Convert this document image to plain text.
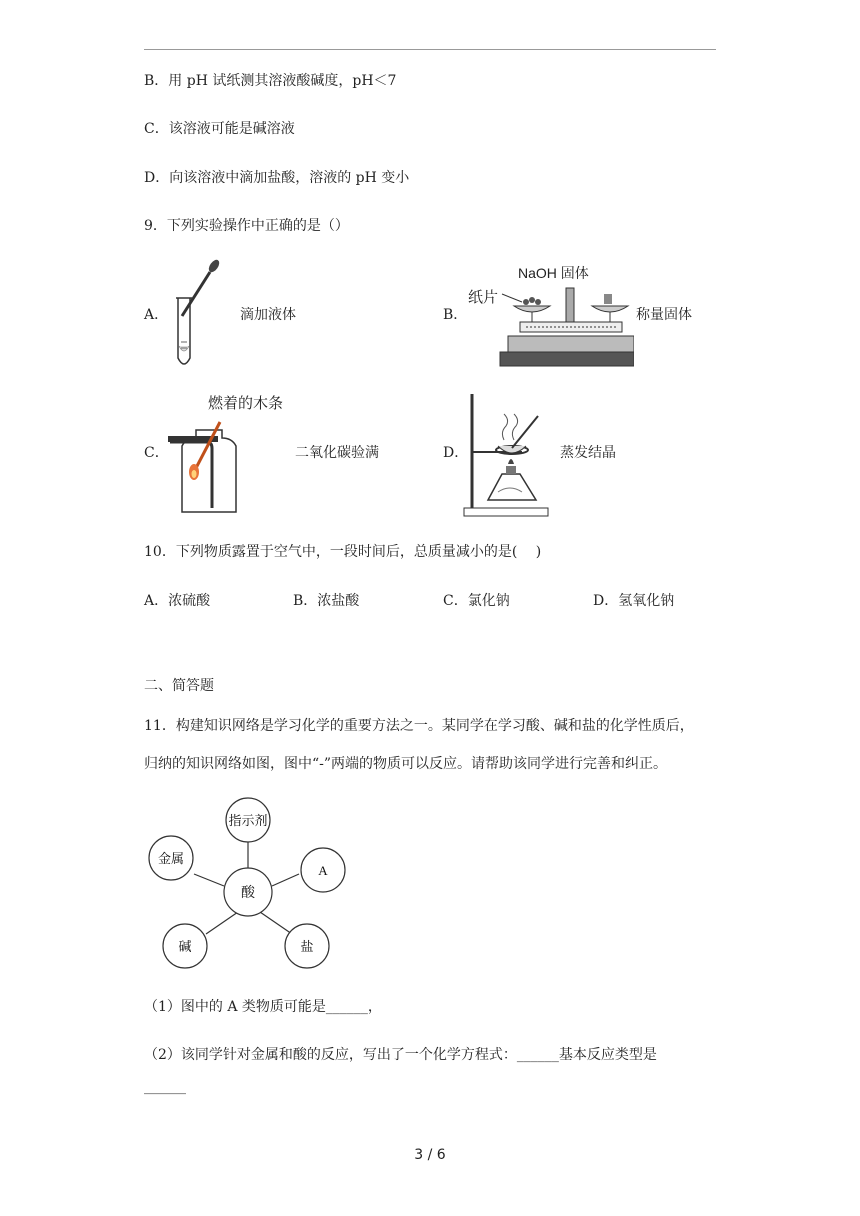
B．用 pH 试纸测其溶液酸碱度，pH＜7
C．该溶液可能是碱溶液
D．向该溶液中滴加盐酸，溶液的 pH 变小
9．下列实验操作中正确的是（）
A．	滴加液体	B．
NaOH 固体
纸片
称量固体
C．
燃着的木条
二氧化碳验满	D．	蒸发结晶
10．下列物质露置于空气中，一段时间后，总质量减小的是(　 )
A．浓硫酸	B．浓盐酸	C．氯化钠	D．氢氧化钠
二、简答题
11．构建知识网络是学习化学的重要方法之一。某同学在学习酸、碱和盐的化学性质后，
归纳的知识网络如图，图中“-”两端的物质可以反应。请帮助该同学进行完善和纠正。
指示剂
金属
A
酸
碱	盐
（1）图中的 A 类物质可能是______，
（2）该同学针对金属和酸的反应，写出了一个化学方程式：______基本反应类型是
______
3 / 6
